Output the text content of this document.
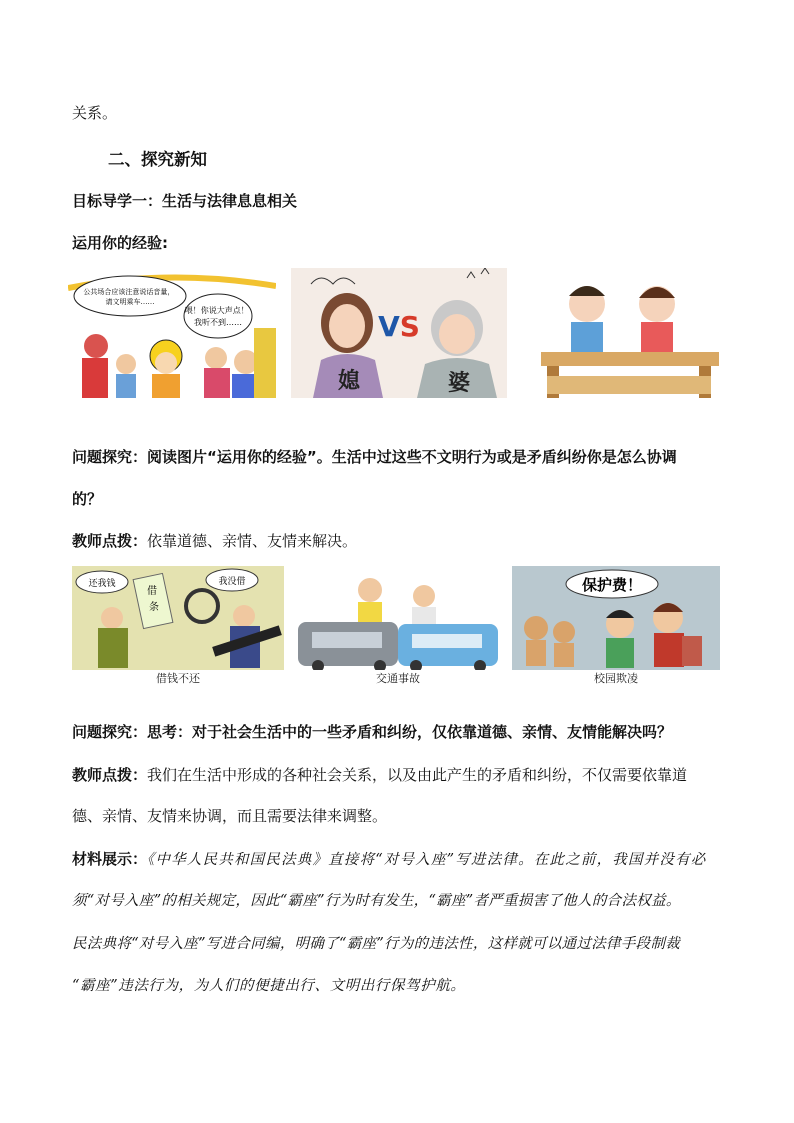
关系。
二、探究新知
目标导学一：生活与法律息息相关
运用你的经验:
公共场合应该注意说话音量， 请文明乘车……
喂！你说大声点！ 我听不到……
媳
VS
婆
问题探究：阅读图片“运用你的经验”。生活中过这些不文明行为或是矛盾纠纷你是怎么协调
的？
教师点拨：依靠道德、亲情、友情来解决。
还我钱
借条
我没借
借钱不还	交通事故
保护费！
校园欺凌
问题探究：思考：对于社会生活中的一些矛盾和纠纷，仅依靠道德、亲情、友情能解决吗？
教师点拨：我们在生活中形成的各种社会关系，以及由此产生的矛盾和纠纷，不仅需要依靠道
德、亲情、友情来协调，而且需要法律来调整。
材料展示：《中华人民共和国民法典》直接将“对号入座”写进法律。在此之前，我国并没有必
须“对号入座”的相关规定，因此“霸座”行为时有发生，“霸座”者严重损害了他人的合法权益。
民法典将“对号入座”写进合同编，明确了“霸座”行为的违法性，这样就可以通过法律手段制裁
“霸座”违法行为，为人们的便捷出行、文明出行保驾护航。
